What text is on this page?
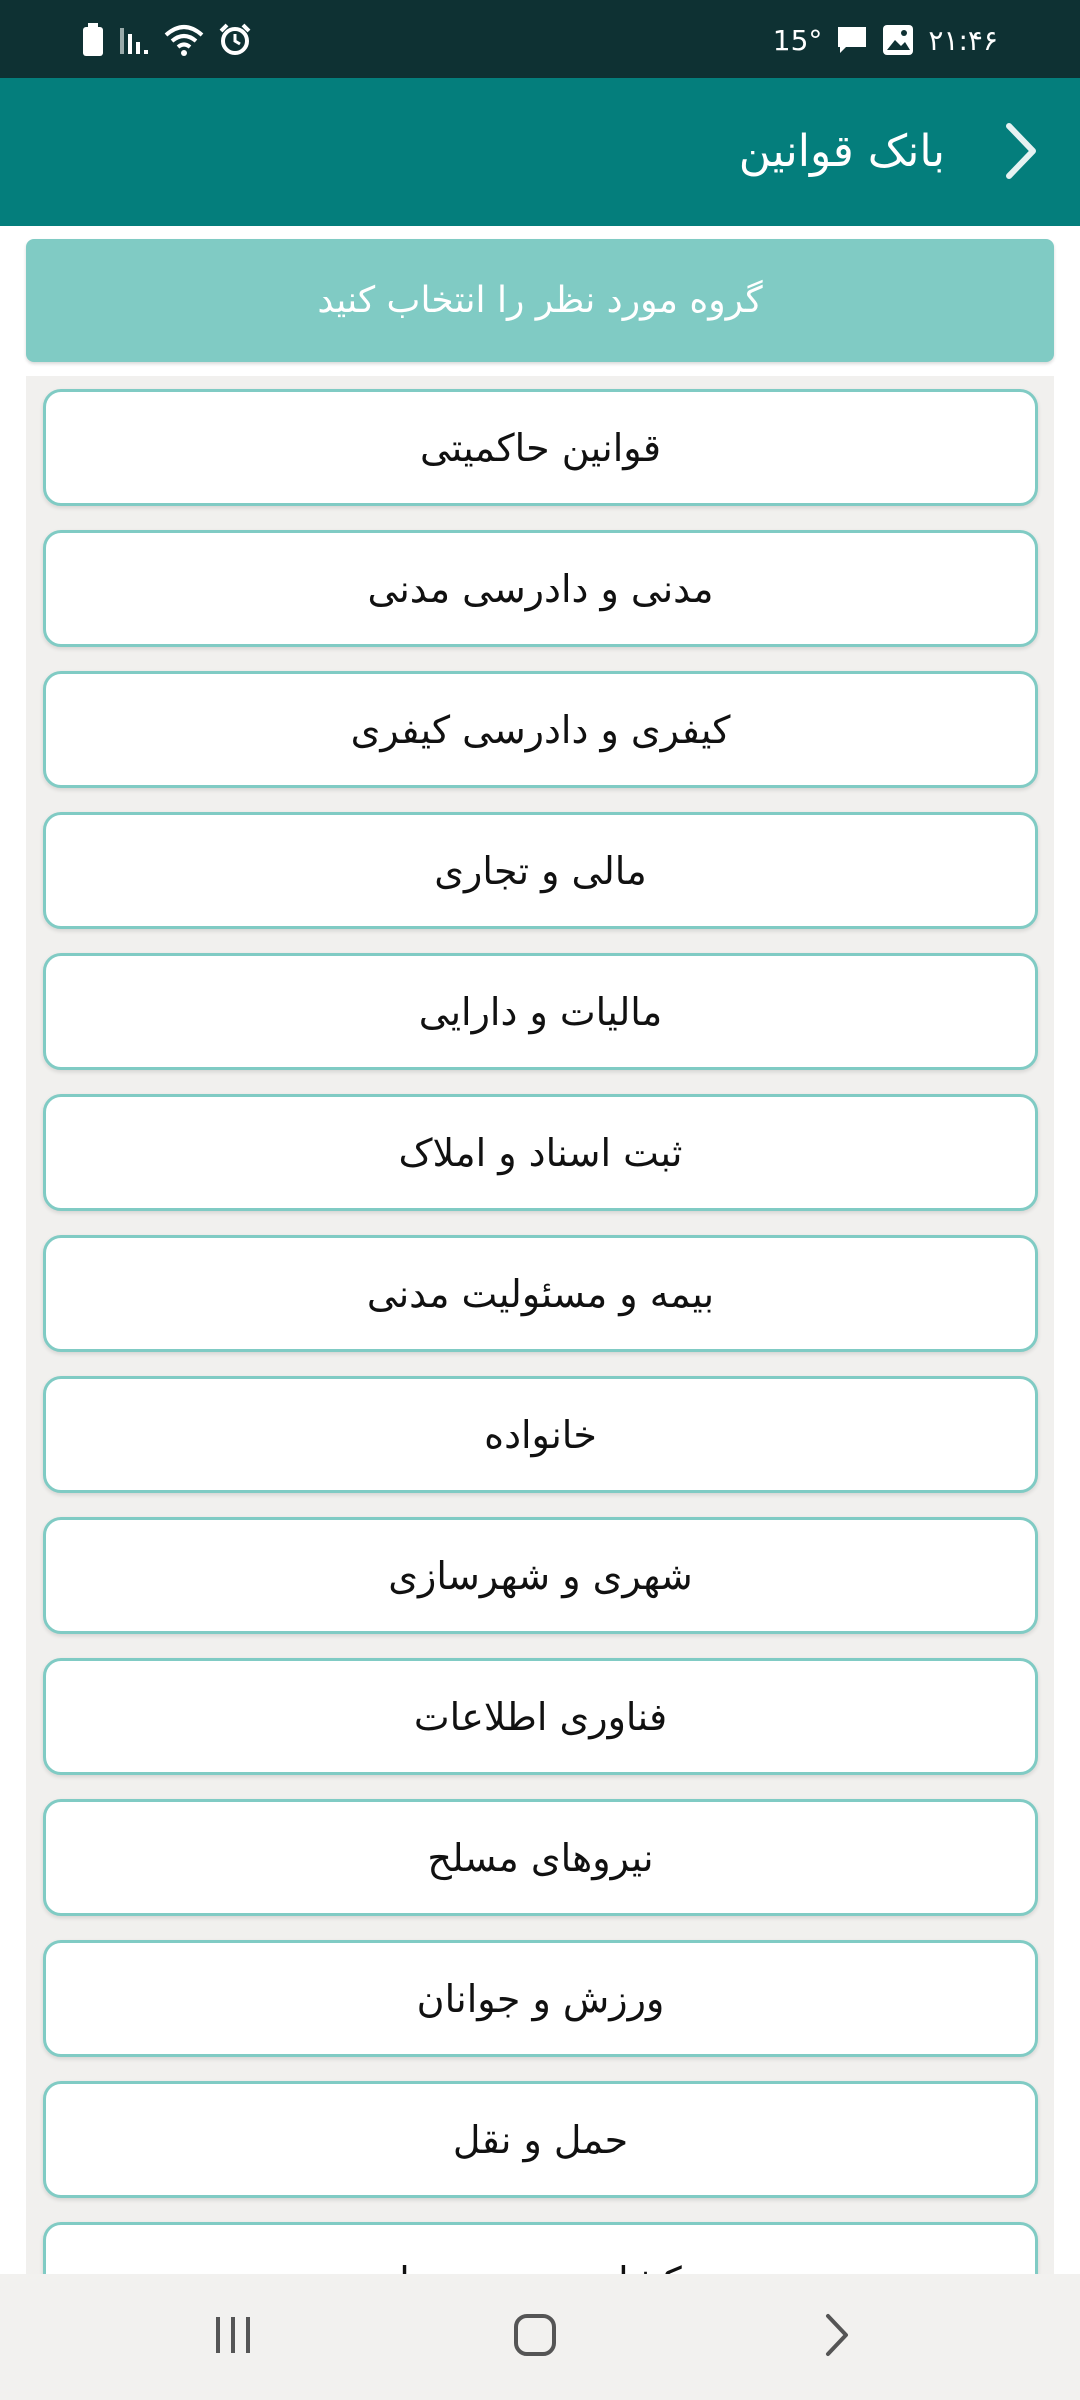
15°	۲۱:۴۶
بانک قوانین
گروه مورد نظر را انتخاب کنید
قوانین حاکمیتی
مدنی و دادرسی مدنی
کیفری و دادرسی کیفری
مالی و تجاری
مالیات و دارایی
ثبت اسناد و املاک
بیمه و مسئولیت مدنی
خانواده
شهری و شهرسازی
فناوری اطلاعات
نیروهای مسلح
ورزش و جوانان
حمل و نقل
